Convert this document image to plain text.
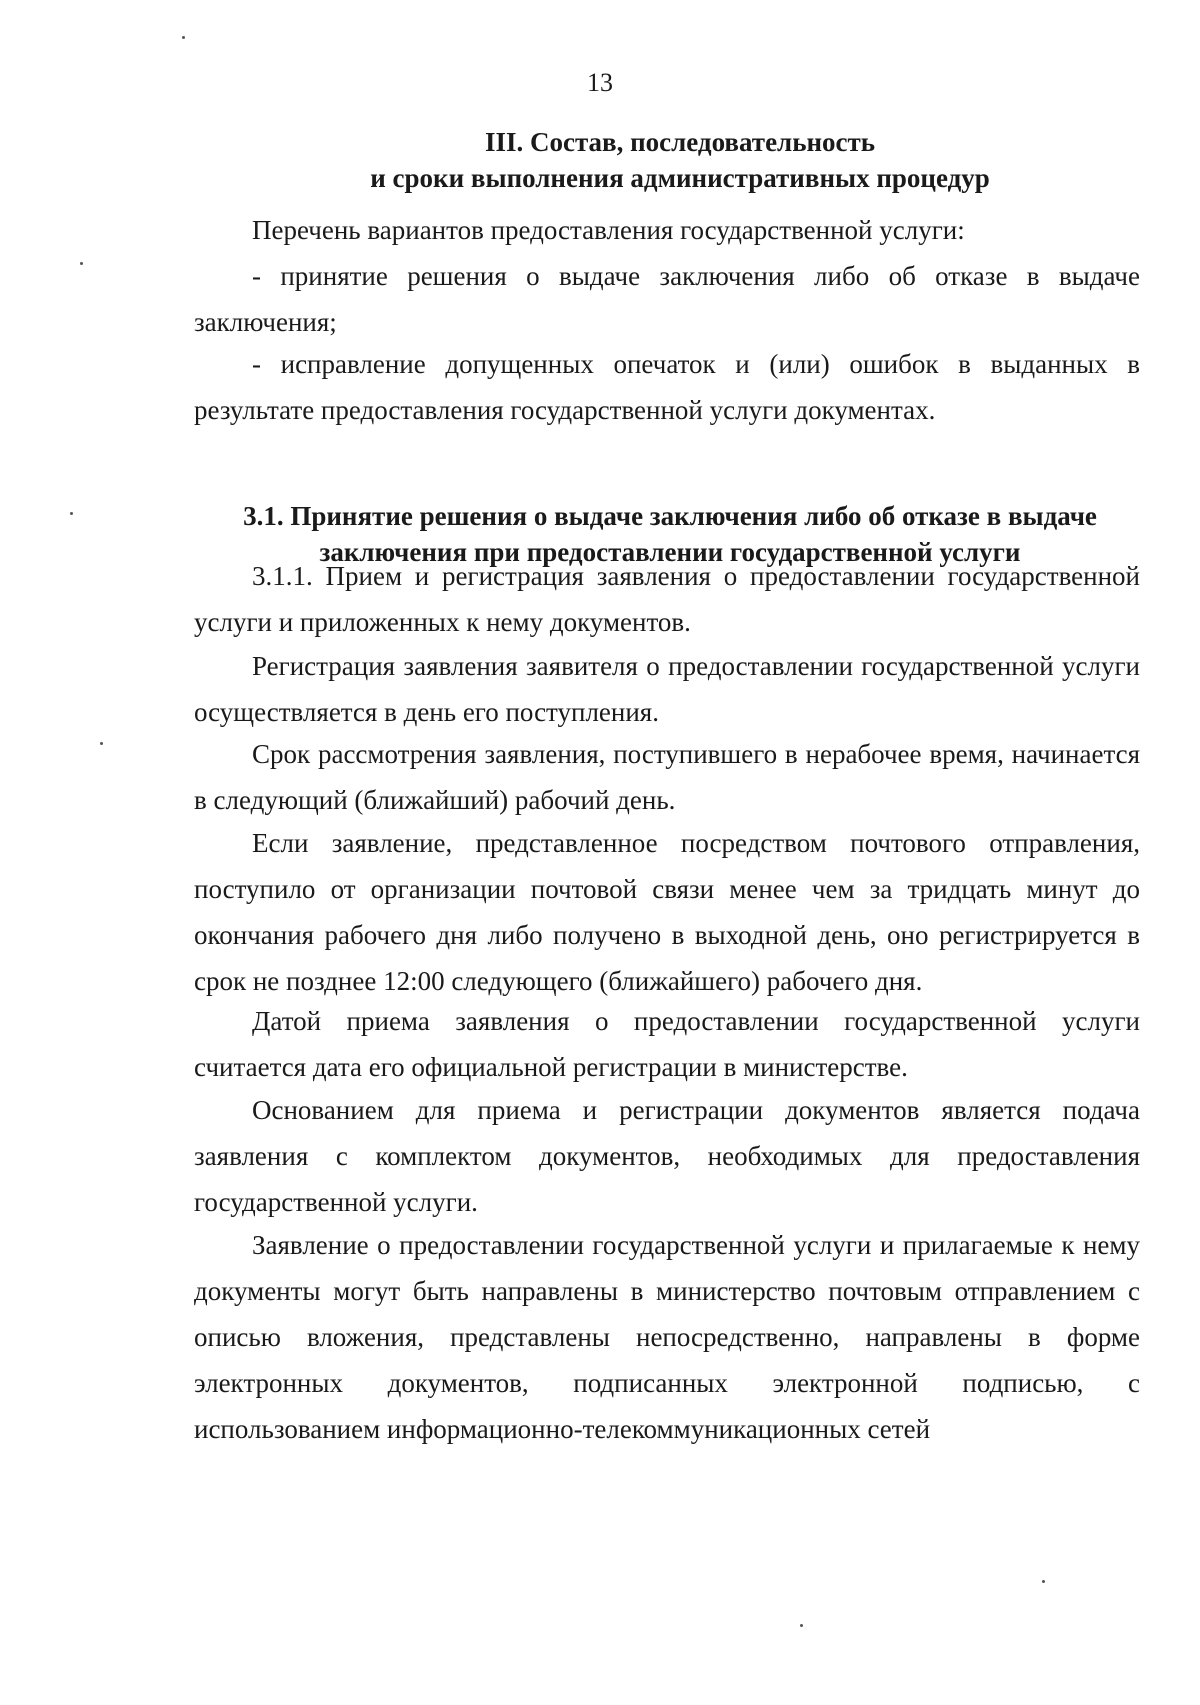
13
III. Состав, последовательность
и сроки выполнения административных процедур

Перечень вариантов предоставления государственной услуги:

- принятие решения о выдаче заключения либо об отказе в выдаче заключения;

- исправление допущенных опечаток и (или) ошибок в выданных в результате предоставления государственной услуги документах.

3.1. Принятие решения о выдаче заключения либо об отказе в выдаче
заключения при предоставлении государственной услуги

3.1.1. Прием и регистрация заявления о предоставлении государственной услуги и приложенных к нему документов.

Регистрация заявления заявителя о предоставлении государственной услуги осуществляется в день его поступления.

Срок рассмотрения заявления, поступившего в нерабочее время, начинается в следующий (ближайший) рабочий день.

Если заявление, представленное посредством почтового отправления, поступило от организации почтовой связи менее чем за тридцать минут до окончания рабочего дня либо получено в выходной день, оно регистрируется в срок не позднее 12:00 следующего (ближайшего) рабочего дня.

Датой приема заявления о предоставлении государственной услуги считается дата его официальной регистрации в министерстве.

Основанием для приема и регистрации документов является подача заявления с комплектом документов, необходимых для предоставления государственной услуги.

Заявление о предоставлении государственной услуги и прилагаемые к нему документы могут быть направлены в министерство почтовым отправлением с описью вложения, представлены непосредственно, направлены в форме электронных документов, подписанных электронной подписью, с использованием информационно-телекоммуникационных сетей
